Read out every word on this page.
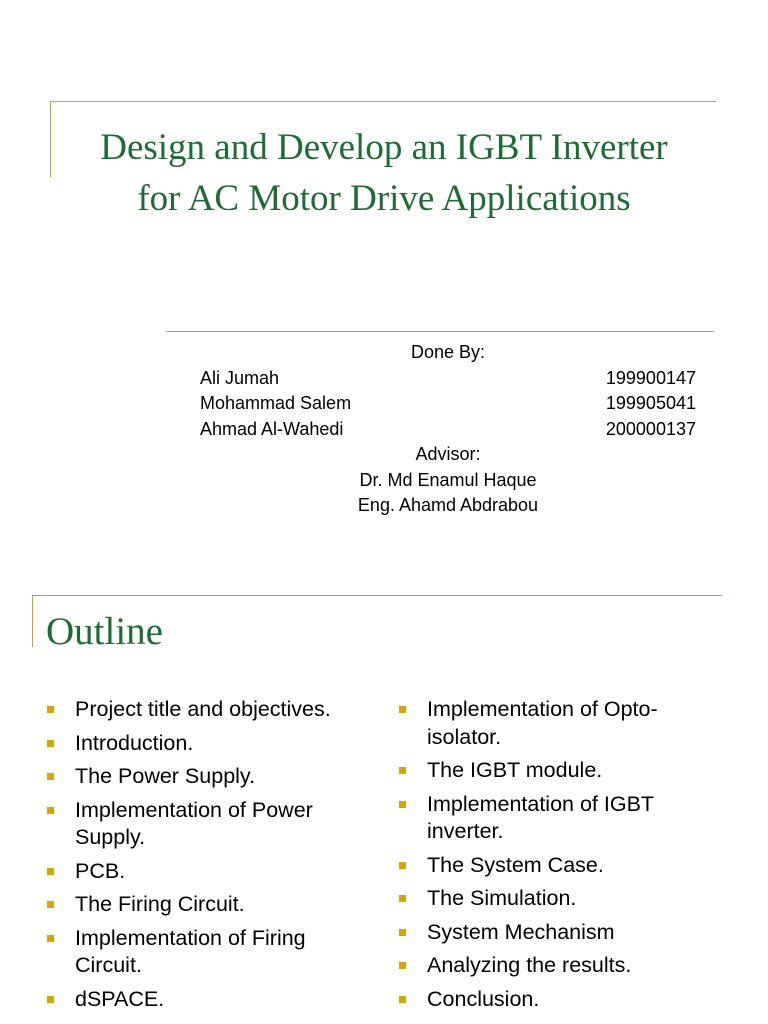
Design and Develop an IGBT Inverter
for AC Motor Drive Applications
Done By:
Ali Jumah	199900147
Mohammad Salem	199905041
Ahmad Al-Wahedi	200000137
Advisor:
Dr. Md Enamul Haque
Eng. Ahamd Abdrabou
Outline
Project title and objectives.
Introduction.
The Power Supply.
Implementation of Power Supply.
PCB.
The Firing Circuit.
Implementation of Firing Circuit.
dSPACE.
Implementation of Opto-isolator.
The IGBT module.
Implementation of IGBT inverter.
The System Case.
The Simulation.
System Mechanism
Analyzing the results.
Conclusion.
